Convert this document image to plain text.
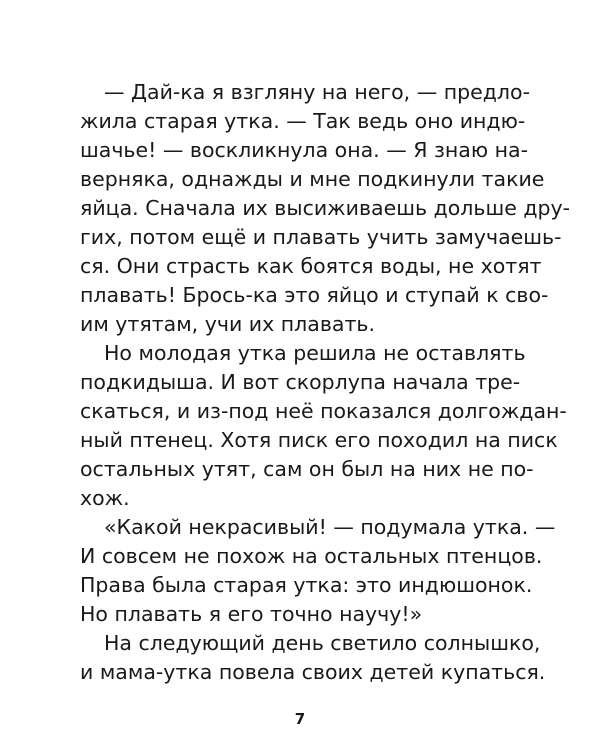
— Дай-ка я взгляну на него, — предло-
жила старая утка. — Так ведь оно индю-
шачье! — воскликнула она. — Я знаю на-
верняка, однажды и мне подкинули такие
яйца. Сначала их высиживаешь дольше дру-
гих, потом ещё и плавать учить замучаешь-
ся. Они страсть как боятся воды, не хотят
плавать! Брось-ка это яйцо и ступай к сво-
им утятам, учи их плавать.
Но молодая утка решила не оставлять
подкидыша. И вот скорлупа начала тре-
скаться, и из-под неё показался долгождан-
ный птенец. Хотя писк его походил на писк
остальных утят, сам он был на них не по-
хож.
«Какой некрасивый! — подумала утка. —
И совсем не похож на остальных птенцов.
Права была старая утка: это индюшонок.
Но плавать я его точно научу!»
На следующий день светило солнышко,
и мама-утка повела своих детей купаться.
7
